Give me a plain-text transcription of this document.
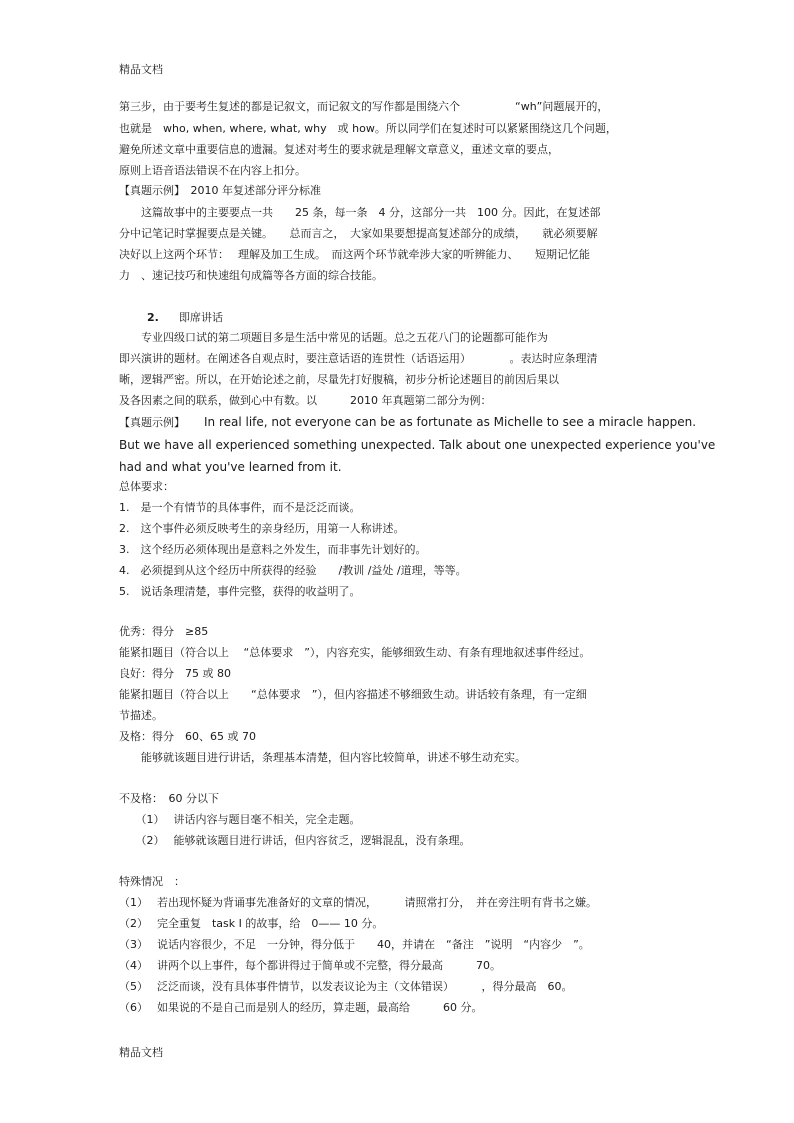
精品文档

第三步，由于要考生复述的都是记叙文，而记叙文的写作都是围绕六个　　　　　“wh”问题展开的，

也就是　who, when, where, what, why　或 how。所以同学们在复述时可以紧紧围绕这几个问题，

避免所述文章中重要信息的遗漏。复述对考生的要求就是理解文章意义，重述文章的要点，

原则上语音语法错误不在内容上扣分。

【真题示例】　2010 年复述部分评分标准

　　这篇故事中的主要要点一共　　25 条，每一条　4 分，这部分一共　100 分。因此，在复述部

分中记笔记时掌握要点是关键。　　总而言之，　大家如果要想提高复述部分的成绩，　　就必须要解

决好以上这两个环节：　 理解及加工生成。　而这两个环节就牵涉大家的听辨能力、　　短期记忆能

力　、速记技巧和快速组句成篇等各方面的综合技能。

2. 即席讲话

　　专业四级口试的第二项题目多是生活中常见的话题。总之五花八门的论题都可能作为

即兴演讲的题材。在阐述各自观点时，要注意话语的连贯性（话语运用）　　　　。表达时应条理清

晰，逻辑严密。所以，在开始论述之前，尽量先打好腹稿，初步分析论述题目的前因后果以

及各因素之间的联系，做到心中有数。以　　　2010 年真题第二部分为例：

【真题示例】 In real life, not everyone can be as fortunate as Michelle to see a miracle happen.

But we have all experienced something unexpected. Talk about one unexpected experience you've

had and what you've learned from it.

总体要求：

1.　是一个有情节的具体事件，而不是泛泛而谈。

2.　这个事件必须反映考生的亲身经历，用第一人称讲述。

3.　这个经历必须体现出是意料之外发生，而非事先计划好的。

4.　必须提到从这个经历中所获得的经验　　/教训 /益处 /道理，等等。

5.　说话条理清楚，事件完整，获得的收益明了。

优秀：得分　≥85

能紧扣题目（符合以上　 “总体要求　”），内容充实，能够细致生动、有条有理地叙述事件经过。

良好：得分　75 或 80

能紧扣题目（符合以上　　“总体要求　”），但内容描述不够细致生动。讲话较有条理，有一定细

节描述。

及格：得分　60、65 或 70

　　能够就该题目进行讲话，条理基本清楚，但内容比较简单，讲述不够生动充实。

不及格：　60 分以下

　　（1）　 讲话内容与题目毫不相关，完全走题。

　　（2）　 能够就该题目进行讲话，但内容贫乏，逻辑混乱，没有条理。

特殊情况　：

（1）　 若出现怀疑为背诵事先准备好的文章的情况，　　　请照常打分，　并在旁注明有背书之嫌。

（2）　 完全重复　task I 的故事，给　0—— 10 分。

（3）　 说话内容很少，不足　一分钟，得分低于　　40，并请在　“备注　”说明　“内容少　”。

（4）　 讲两个以上事件，每个都讲得过于简单或不完整，得分最高　　　70。

（5）　 泛泛而谈，没有具体事件情节，以发表议论为主（文体错误）　　　，得分最高　60。

（6）　 如果说的不是自己而是别人的经历，算走题，最高给　　　60 分。

精品文档
